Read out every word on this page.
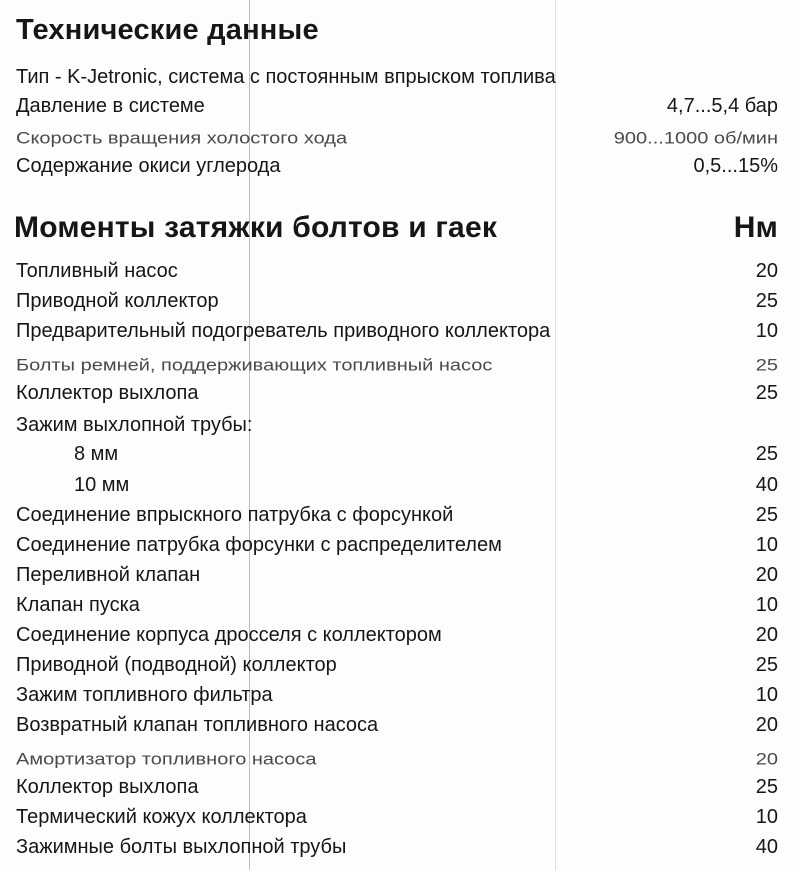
Технические данные
Тип - K-Jetronic, система с постоянным впрыском топлива
Давление в системе	4,7...5,4 бар
Скорость вращения холостого хода	900...1000 об/мин
Содержание окиси углерода	0,5...15%
Моменты затяжки болтов и гаек	Нм
Топливный насос	20
Приводной коллектор	25
Предварительный подогреватель приводного коллектора	10
Болты ремней, поддерживающих топливный насос	25
Коллектор выхлопа	25
Зажим выхлопной трубы:
8 мм	25
10 мм	40
Соединение впрыскного патрубка с форсункой	25
Соединение патрубка форсунки с распределителем	10
Переливной клапан	20
Клапан пуска	10
Соединение корпуса дросселя с коллектором	20
Приводной (подводной) коллектор	25
Зажим топливного фильтра	10
Возвратный клапан топливного насоса	20
Амортизатор топливного насоса	20
Коллектор выхлопа	25
Термический кожух коллектора	10
Зажимные болты выхлопной трубы	40
